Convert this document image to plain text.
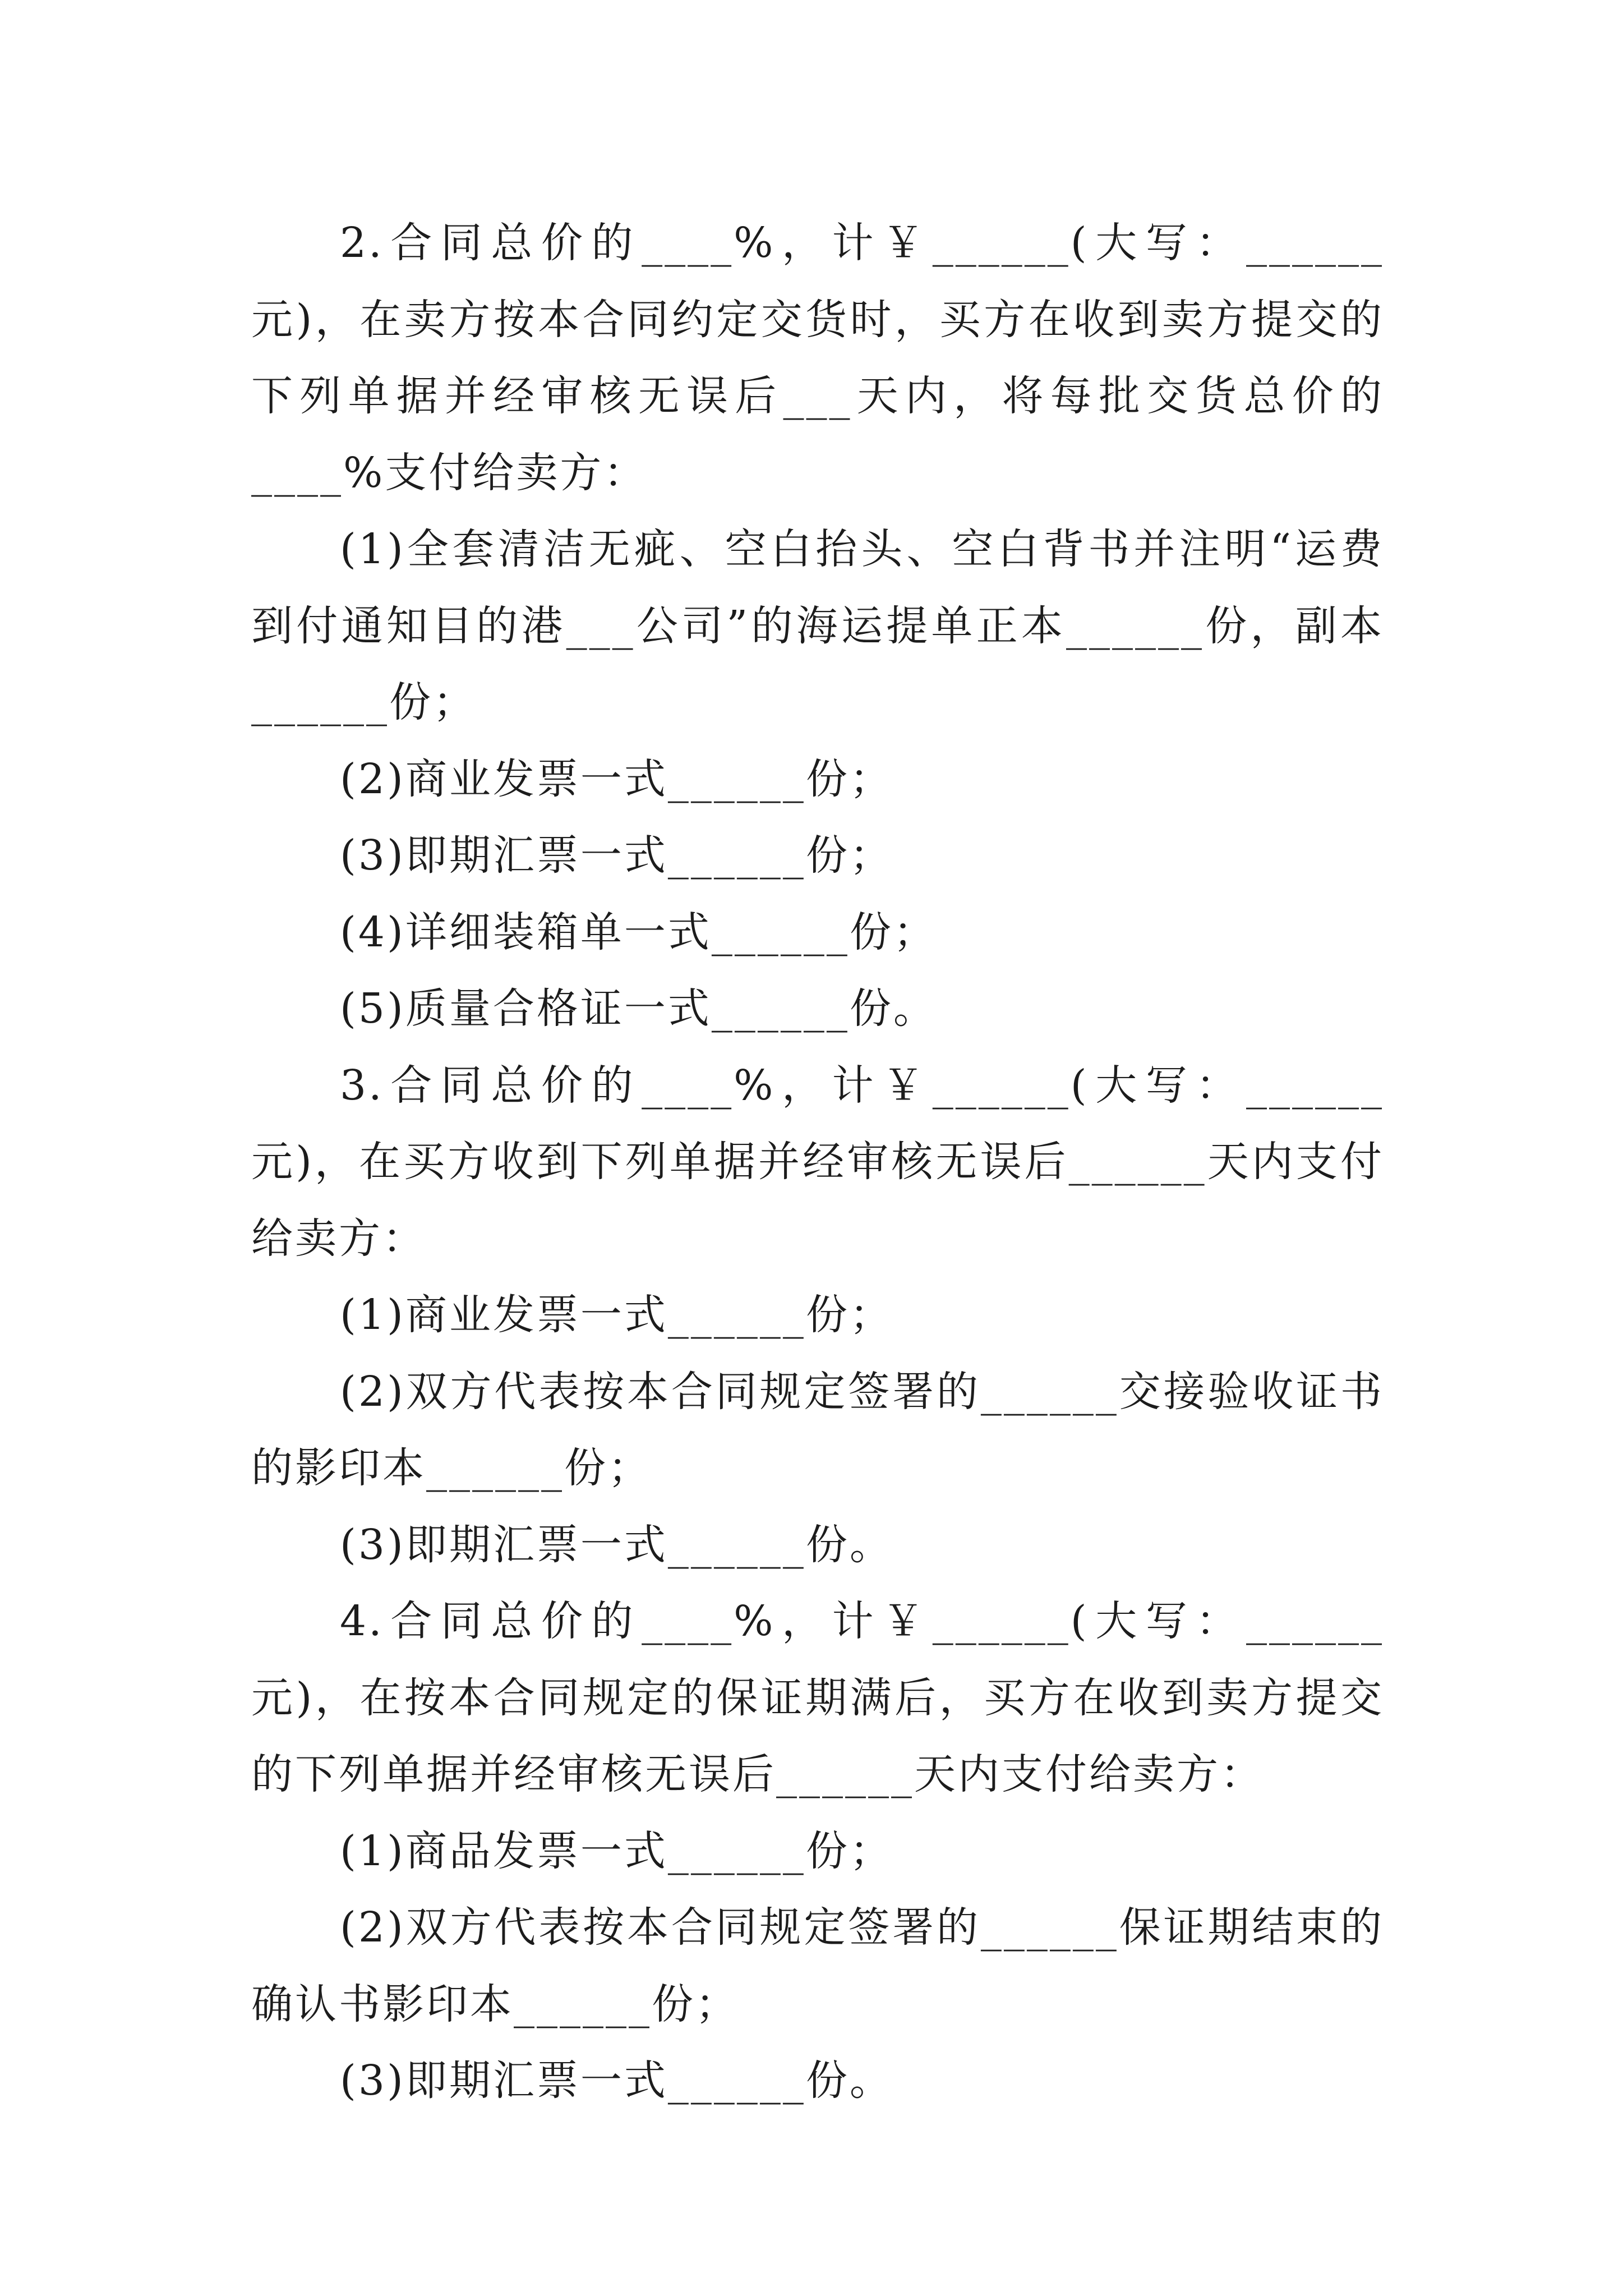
2.合同总价的____%，计￥______(大写：______元)，在卖方按本合同约定交货时，买方在收到卖方提交的下列单据并经审核无误后___天内，将每批交货总价的____%支付给卖方：

(1)全套清洁无疵、空白抬头、空白背书并注明“运费到付通知目的港___公司”的海运提单正本______份，副本______份；

(2)商业发票一式______份；

(3)即期汇票一式______份；

(4)详细装箱单一式______份；

(5)质量合格证一式______份。

3.合同总价的____%，计￥______(大写：______元)，在买方收到下列单据并经审核无误后______天内支付给卖方：

(1)商业发票一式______份；

(2)双方代表按本合同规定签署的______交接验收证书的影印本______份；

(3)即期汇票一式______份。

4.合同总价的____%，计￥______(大写：______元)，在按本合同规定的保证期满后，买方在收到卖方提交的下列单据并经审核无误后______天内支付给卖方：

(1)商品发票一式______份；

(2)双方代表按本合同规定签署的______保证期结束的确认书影印本______份；

(3)即期汇票一式______份。
